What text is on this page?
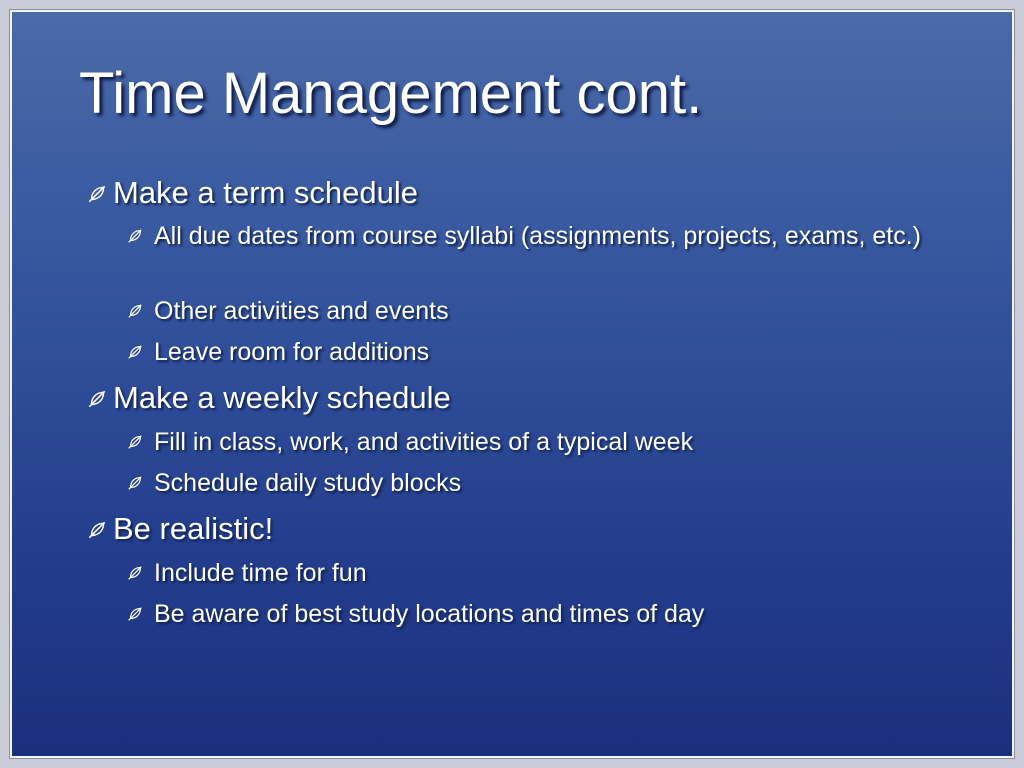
Time Management cont.
Make a term schedule
All due dates from course syllabi (assignments, projects, exams, etc.)
Other activities and events
Leave room for additions
Make a weekly schedule
Fill in class, work, and activities of a typical week
Schedule daily study blocks
Be realistic!
Include time for fun
Be aware of best study locations and times of day
